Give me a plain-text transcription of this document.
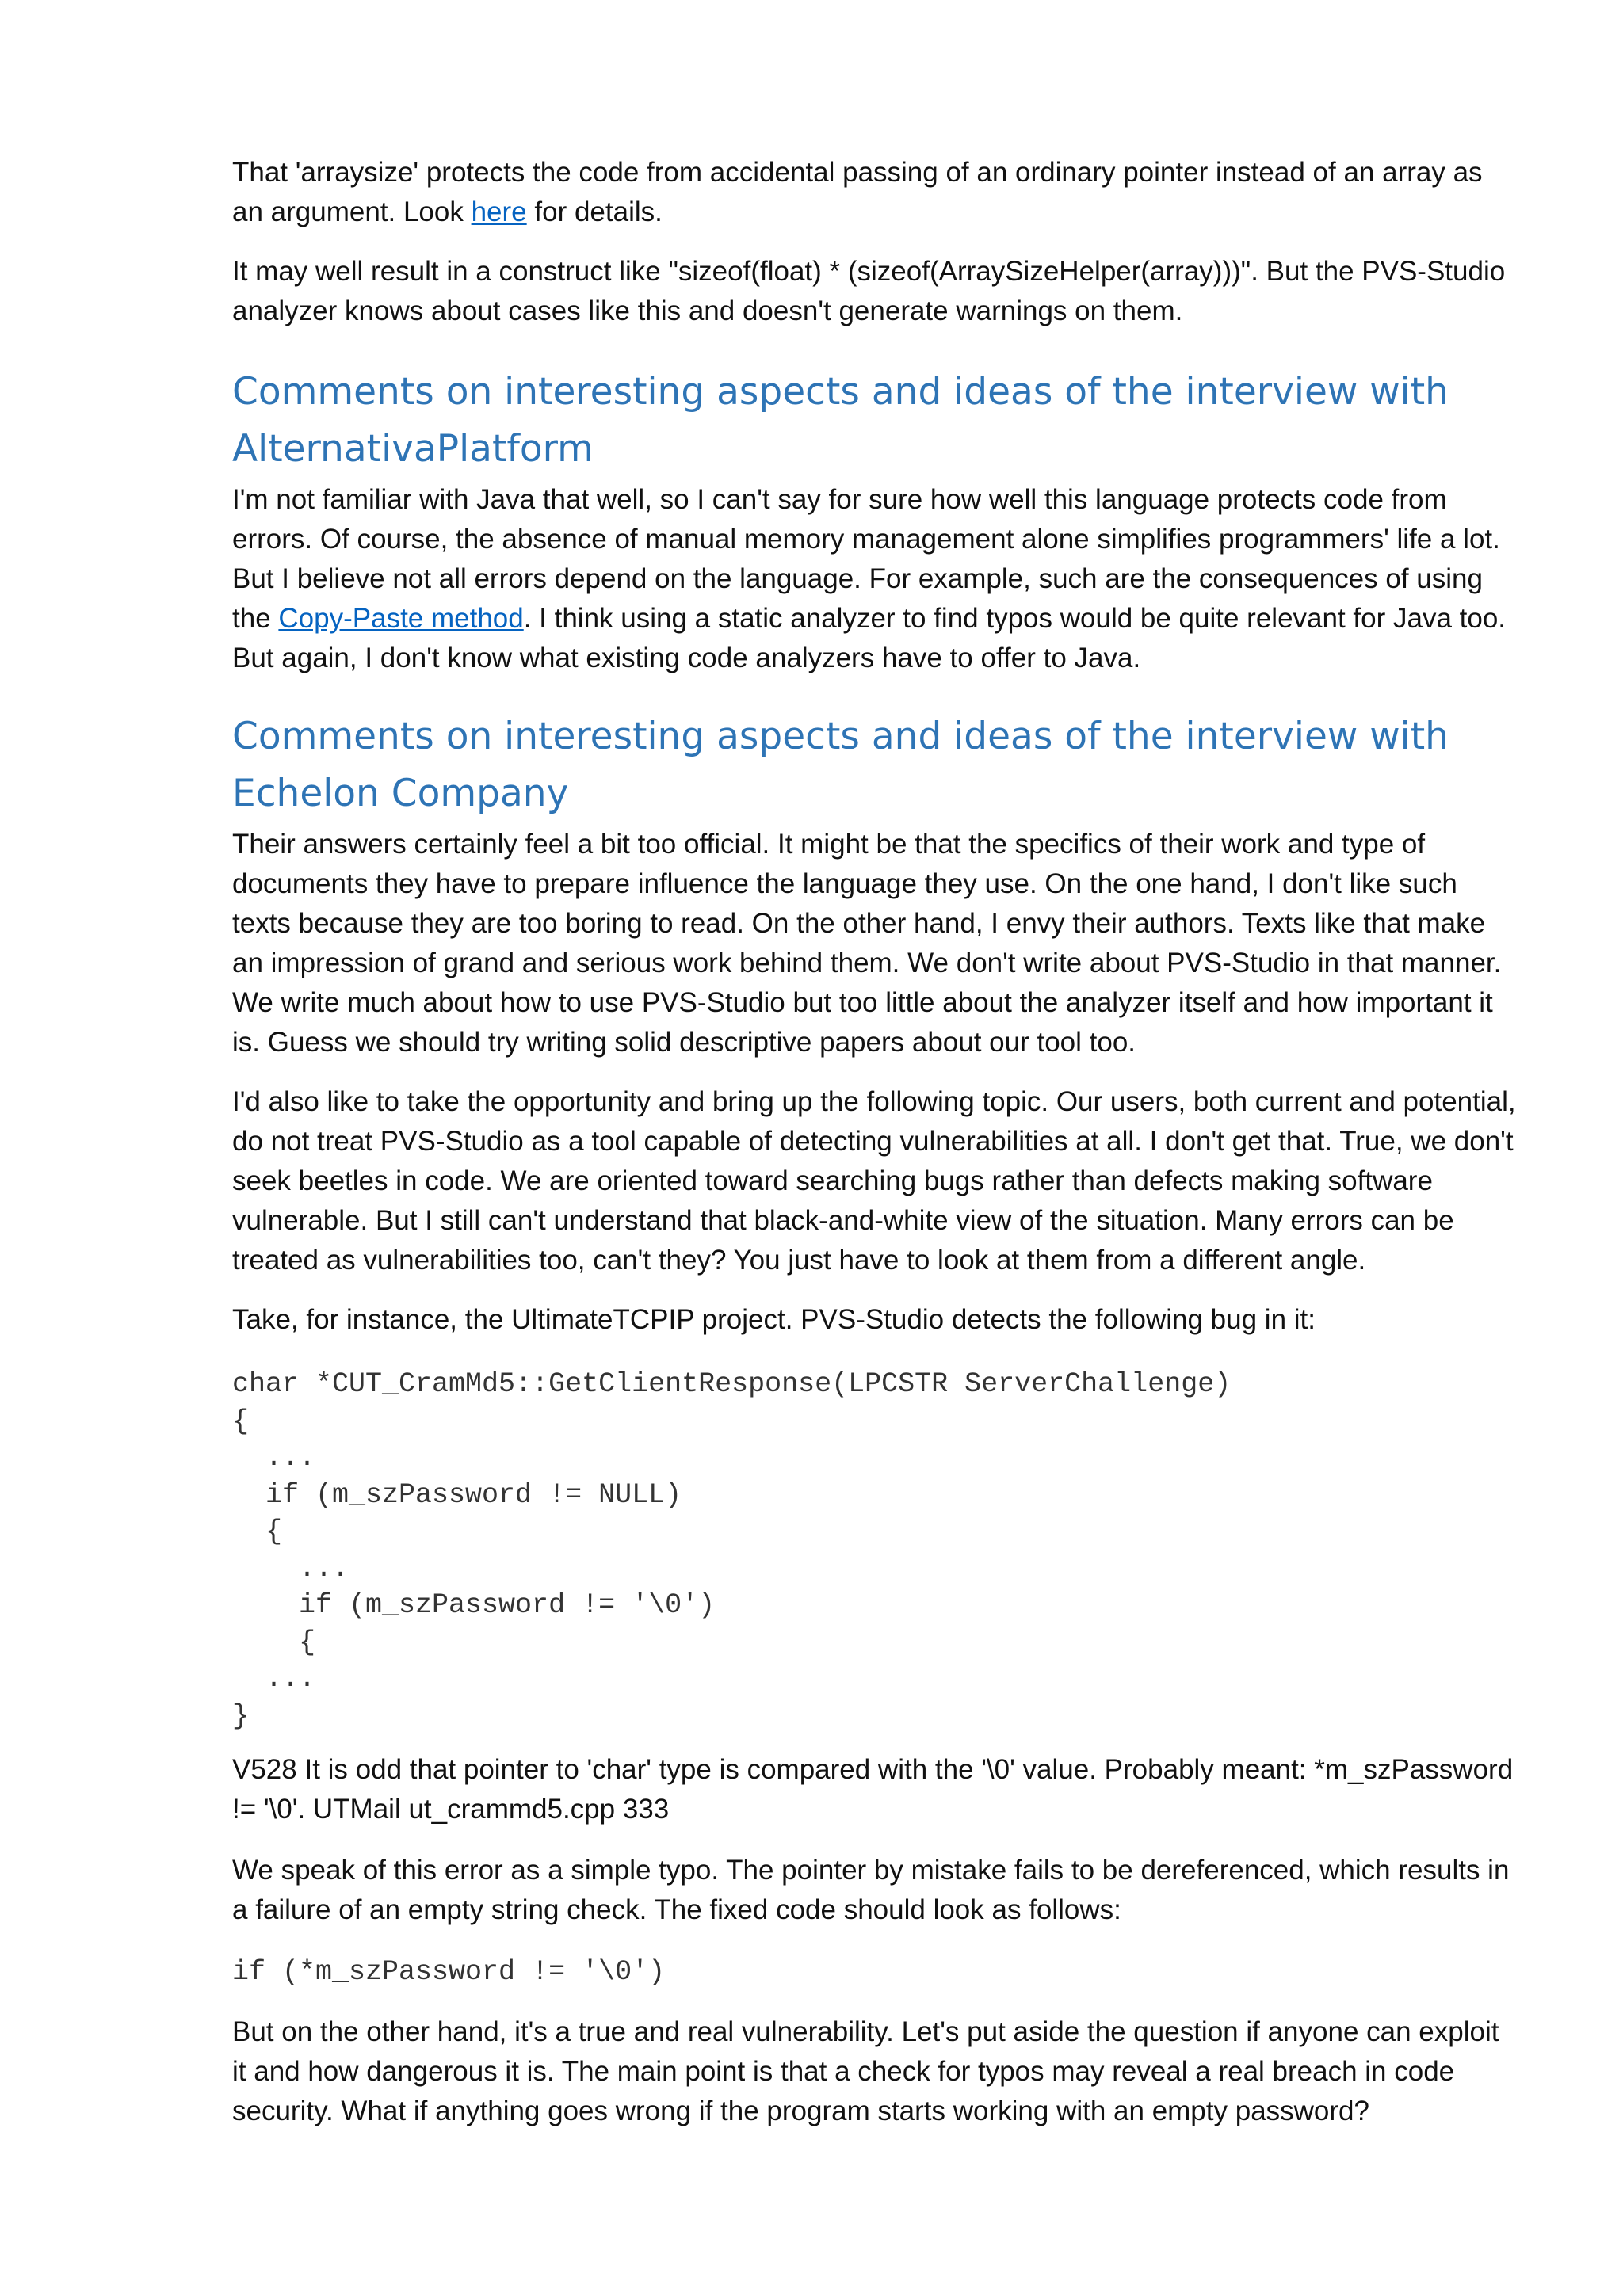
That 'arraysize' protects the code from accidental passing of an ordinary pointer instead of an array as an argument. Look here for details.

It may well result in a construct like "sizeof(float) * (sizeof(ArraySizeHelper(array)))". But the PVS-Studio analyzer knows about cases like this and doesn't generate warnings on them.

Comments on interesting aspects and ideas of the interview with
AlternativaPlatform

I'm not familiar with Java that well, so I can't say for sure how well this language protects code from errors. Of course, the absence of manual memory management alone simplifies programmers' life a lot. But I believe not all errors depend on the language. For example, such are the consequences of using the Copy-Paste method. I think using a static analyzer to find typos would be quite relevant for Java too. But again, I don't know what existing code analyzers have to offer to Java.

Comments on interesting aspects and ideas of the interview with
Echelon Company

Their answers certainly feel a bit too official. It might be that the specifics of their work and type of documents they have to prepare influence the language they use. On the one hand, I don't like such texts because they are too boring to read. On the other hand, I envy their authors. Texts like that make an impression of grand and serious work behind them. We don't write about PVS-Studio in that manner. We write much about how to use PVS-Studio but too little about the analyzer itself and how important it is. Guess we should try writing solid descriptive papers about our tool too.

I'd also like to take the opportunity and bring up the following topic. Our users, both current and potential, do not treat PVS-Studio as a tool capable of detecting vulnerabilities at all. I don't get that. True, we don't seek beetles in code. We are oriented toward searching bugs rather than defects making software vulnerable. But I still can't understand that black-and-white view of the situation. Many errors can be treated as vulnerabilities too, can't they? You just have to look at them from a different angle.

Take, for instance, the UltimateTCPIP project. PVS-Studio detects the following bug in it:

char *CUT_CramMd5::GetClientResponse(LPCSTR ServerChallenge)
{
...
if (m_szPassword != NULL)
{
...
if (m_szPassword != '\0')
{
...
}

V528 It is odd that pointer to 'char' type is compared with the '\0' value. Probably meant: *m_szPassword != '\0'. UTMail ut_crammd5.cpp 333

We speak of this error as a simple typo. The pointer by mistake fails to be dereferenced, which results in a failure of an empty string check. The fixed code should look as follows:

if (*m_szPassword != '\0')

But on the other hand, it's a true and real vulnerability. Let's put aside the question if anyone can exploit it and how dangerous it is. The main point is that a check for typos may reveal a real breach in code security. What if anything goes wrong if the program starts working with an empty password?
